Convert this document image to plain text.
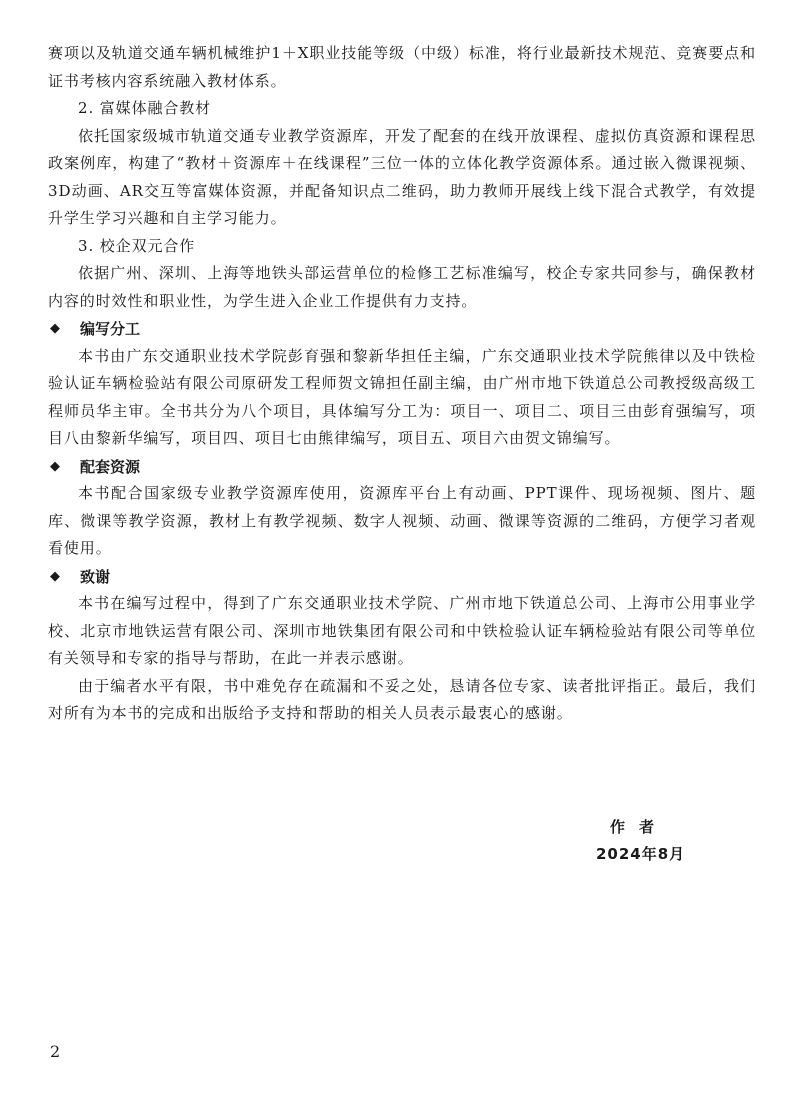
赛项以及轨道交通车辆机械维护1＋X职业技能等级（中级）标准，将行业最新技术规范、竞赛要点和证书考核内容系统融入教材体系。

2. 富媒体融合教材

依托国家级城市轨道交通专业教学资源库，开发了配套的在线开放课程、虚拟仿真资源和课程思政案例库，构建了“教材＋资源库＋在线课程”三位一体的立体化教学资源体系。通过嵌入微课视频、3D动画、AR交互等富媒体资源，并配备知识点二维码，助力教师开展线上线下混合式教学，有效提升学生学习兴趣和自主学习能力。

3. 校企双元合作

依据广州、深圳、上海等地铁头部运营单位的检修工艺标准编写，校企专家共同参与，确保教材内容的时效性和职业性，为学生进入企业工作提供有力支持。

◆	编写分工

本书由广东交通职业技术学院彭育强和黎新华担任主编，广东交通职业技术学院熊律以及中铁检验认证车辆检验站有限公司原研发工程师贺文锦担任副主编，由广州市地下铁道总公司教授级高级工程师员华主审。全书共分为八个项目，具体编写分工为：项目一、项目二、项目三由彭育强编写，项目八由黎新华编写，项目四、项目七由熊律编写，项目五、项目六由贺文锦编写。

◆	配套资源

本书配合国家级专业教学资源库使用，资源库平台上有动画、PPT课件、现场视频、图片、题库、微课等教学资源，教材上有教学视频、数字人视频、动画、微课等资源的二维码，方便学习者观看使用。

◆	致谢

本书在编写过程中，得到了广东交通职业技术学院、广州市地下铁道总公司、上海市公用事业学校、北京市地铁运营有限公司、深圳市地铁集团有限公司和中铁检验认证车辆检验站有限公司等单位有关领导和专家的指导与帮助，在此一并表示感谢。

由于编者水平有限，书中难免存在疏漏和不妥之处，恳请各位专家、读者批评指正。最后，我们对所有为本书的完成和出版给予支持和帮助的相关人员表示最衷心的感谢。

作者
2024年8月
2
